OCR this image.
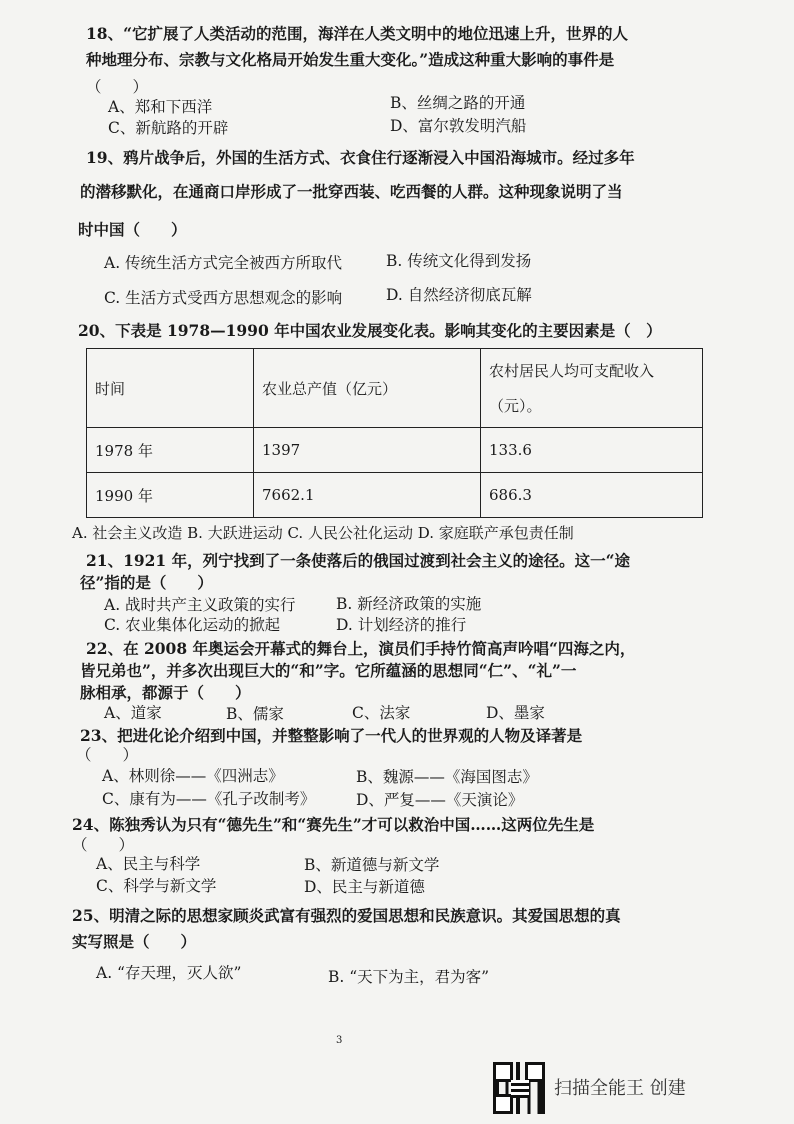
18、“它扩展了人类活动的范围，海洋在人类文明中的地位迅速上升，世界的人
种地理分布、宗教与文化格局开始发生重大变化。”造成这种重大影响的事件是
（　　）
A、郑和下西洋	B、丝绸之路的开通
C、新航路的开辟	D、富尔敦发明汽船
19、鸦片战争后，外国的生活方式、衣食住行逐渐浸入中国沿海城市。经过多年
的潜移默化，在通商口岸形成了一批穿西装、吃西餐的人群。这种现象说明了当
时中国（　　）
A. 传统生活方式完全被西方所取代	B. 传统文化得到发扬
C. 生活方式受西方思想观念的影响	D. 自然经济彻底瓦解
20、下表是 1978—1990 年中国农业发展变化表。影响其变化的主要因素是（　）
时间	农业总产值（亿元）	农村居民人均可支配收入
（元）。

1978 年	1397	133.6
1990 年	7662.1	686.3
A. 社会主义改造 B. 大跃进运动 C. 人民公社化运动 D. 家庭联产承包责任制
21、1921 年，列宁找到了一条使落后的俄国过渡到社会主义的途径。这一“途
径”指的是（　　）
A. 战时共产主义政策的实行	B. 新经济政策的实施
C. 农业集体化运动的掀起	D. 计划经济的推行
22、在 2008 年奥运会开幕式的舞台上，演员们手持竹简高声吟唱“四海之内，
皆兄弟也”，并多次出现巨大的“和”字。它所蕴涵的思想同“仁”、“礼”一
脉相承，都源于（　　）
A、道家	B、儒家	C、法家	D、墨家
23、把进化论介绍到中国，并整整影响了一代人的世界观的人物及译著是
（　　）
A、林则徐——《四洲志》	B、魏源——《海国图志》
C、康有为——《孔子改制考》	D、严复——《天演论》
24、陈独秀认为只有“德先生”和“赛先生”才可以救治中国……这两位先生是
（　　）
A、民主与科学	B、新道德与新文学
C、科学与新文学	D、民主与新道德
25、明清之际的思想家顾炎武富有强烈的爱国思想和民族意识。其爱国思想的真
实写照是（　　）
A. “存天理，灭人欲”	B. “天下为主，君为客”
3
扫描全能王 创建
